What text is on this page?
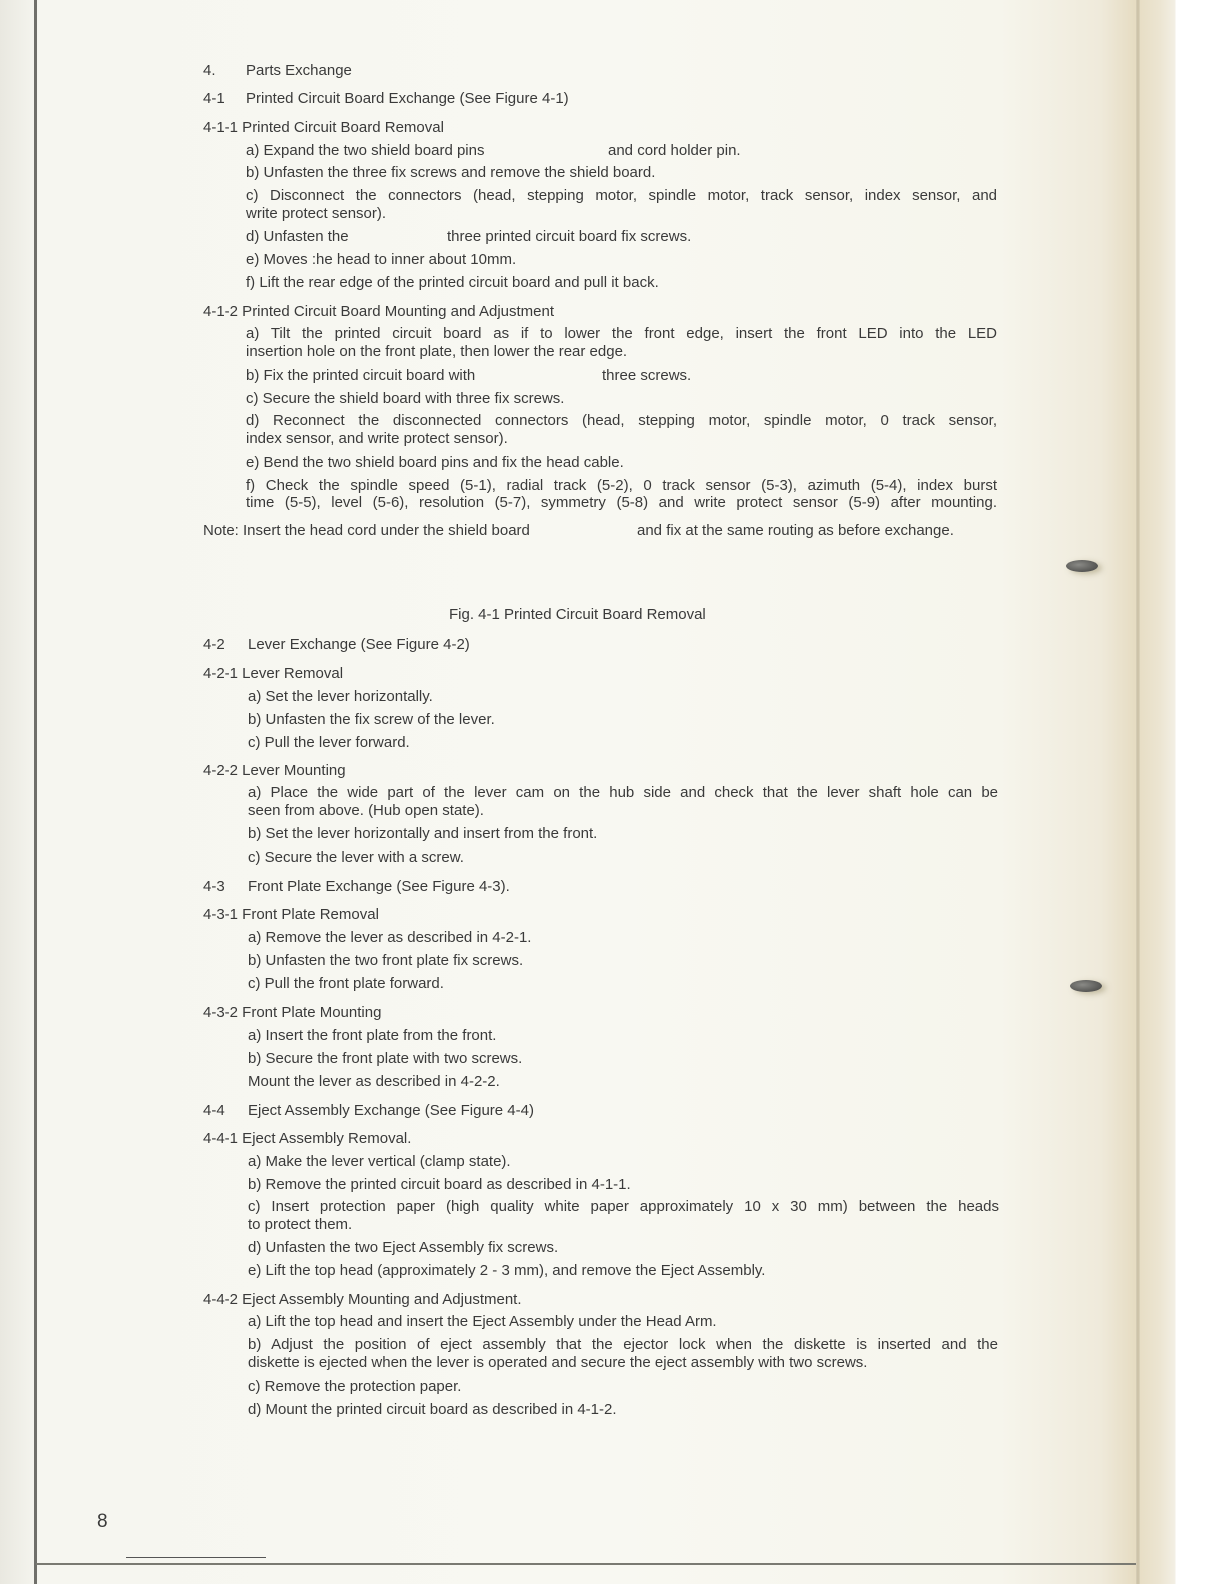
4. Parts Exchange
4-1 Printed Circuit Board Exchange (See Figure 4-1)
4-1-1 Printed Circuit Board Removal
a) Expand the two shield board pins	and cord holder pin.
b) Unfasten the three fix screws and remove the shield board.
c) Disconnect the connectors (head, stepping motor, spindle motor, track sensor, index sensor, and
write protect sensor).
d) Unfasten the	three printed circuit board fix screws.
e) Moves :he head to inner about 10mm.
f) Lift the rear edge of the printed circuit board and pull it back.
4-1-2 Printed Circuit Board Mounting and Adjustment
a) Tilt the printed circuit board as if to lower the front edge, insert the front LED into the LED
insertion hole on the front plate, then lower the rear edge.
b) Fix the printed circuit board with	three screws.
c) Secure the shield board with three fix screws.
d) Reconnect the disconnected connectors (head, stepping motor, spindle motor, 0 track sensor,
index sensor, and write protect sensor).
e) Bend the two shield board pins and fix the head cable.
f) Check the spindle speed (5-1), radial track (5-2), 0 track sensor (5-3), azimuth (5-4), index burst
time (5-5), level (5-6), resolution (5-7), symmetry (5-8) and write protect sensor (5-9) after mounting.
Note: Insert the head cord under the shield board	and fix at the same routing as before exchange.
Fig. 4-1 Printed Circuit Board Removal
4-2 Lever Exchange (See Figure 4-2)
4-2-1 Lever Removal
a) Set the lever horizontally.
b) Unfasten the fix screw of the lever.
c) Pull the lever forward.
4-2-2 Lever Mounting
a) Place the wide part of the lever cam on the hub side and check that the lever shaft hole can be
seen from above. (Hub open state).
b) Set the lever horizontally and insert from the front.
c) Secure the lever with a screw.
4-3 Front Plate Exchange (See Figure 4-3).
4-3-1 Front Plate Removal
a) Remove the lever as described in 4-2-1.
b) Unfasten the two front plate fix screws.
c) Pull the front plate forward.
4-3-2 Front Plate Mounting
a) Insert the front plate from the front.
b) Secure the front plate with two screws.
Mount the lever as described in 4-2-2.
4-4 Eject Assembly Exchange (See Figure 4-4)
4-4-1 Eject Assembly Removal.
a) Make the lever vertical (clamp state).
b) Remove the printed circuit board as described in 4-1-1.
c) Insert protection paper (high quality white paper approximately 10 x 30 mm) between the heads
to protect them.
d) Unfasten the two Eject Assembly fix screws.
e) Lift the top head (approximately 2 - 3 mm), and remove the Eject Assembly.
4-4-2 Eject Assembly Mounting and Adjustment.
a) Lift the top head and insert the Eject Assembly under the Head Arm.
b) Adjust the position of eject assembly that the ejector lock when the diskette is inserted and the
diskette is ejected when the lever is operated and secure the eject assembly with two screws.
c) Remove the protection paper.
d) Mount the printed circuit board as described in 4-1-2.
8
